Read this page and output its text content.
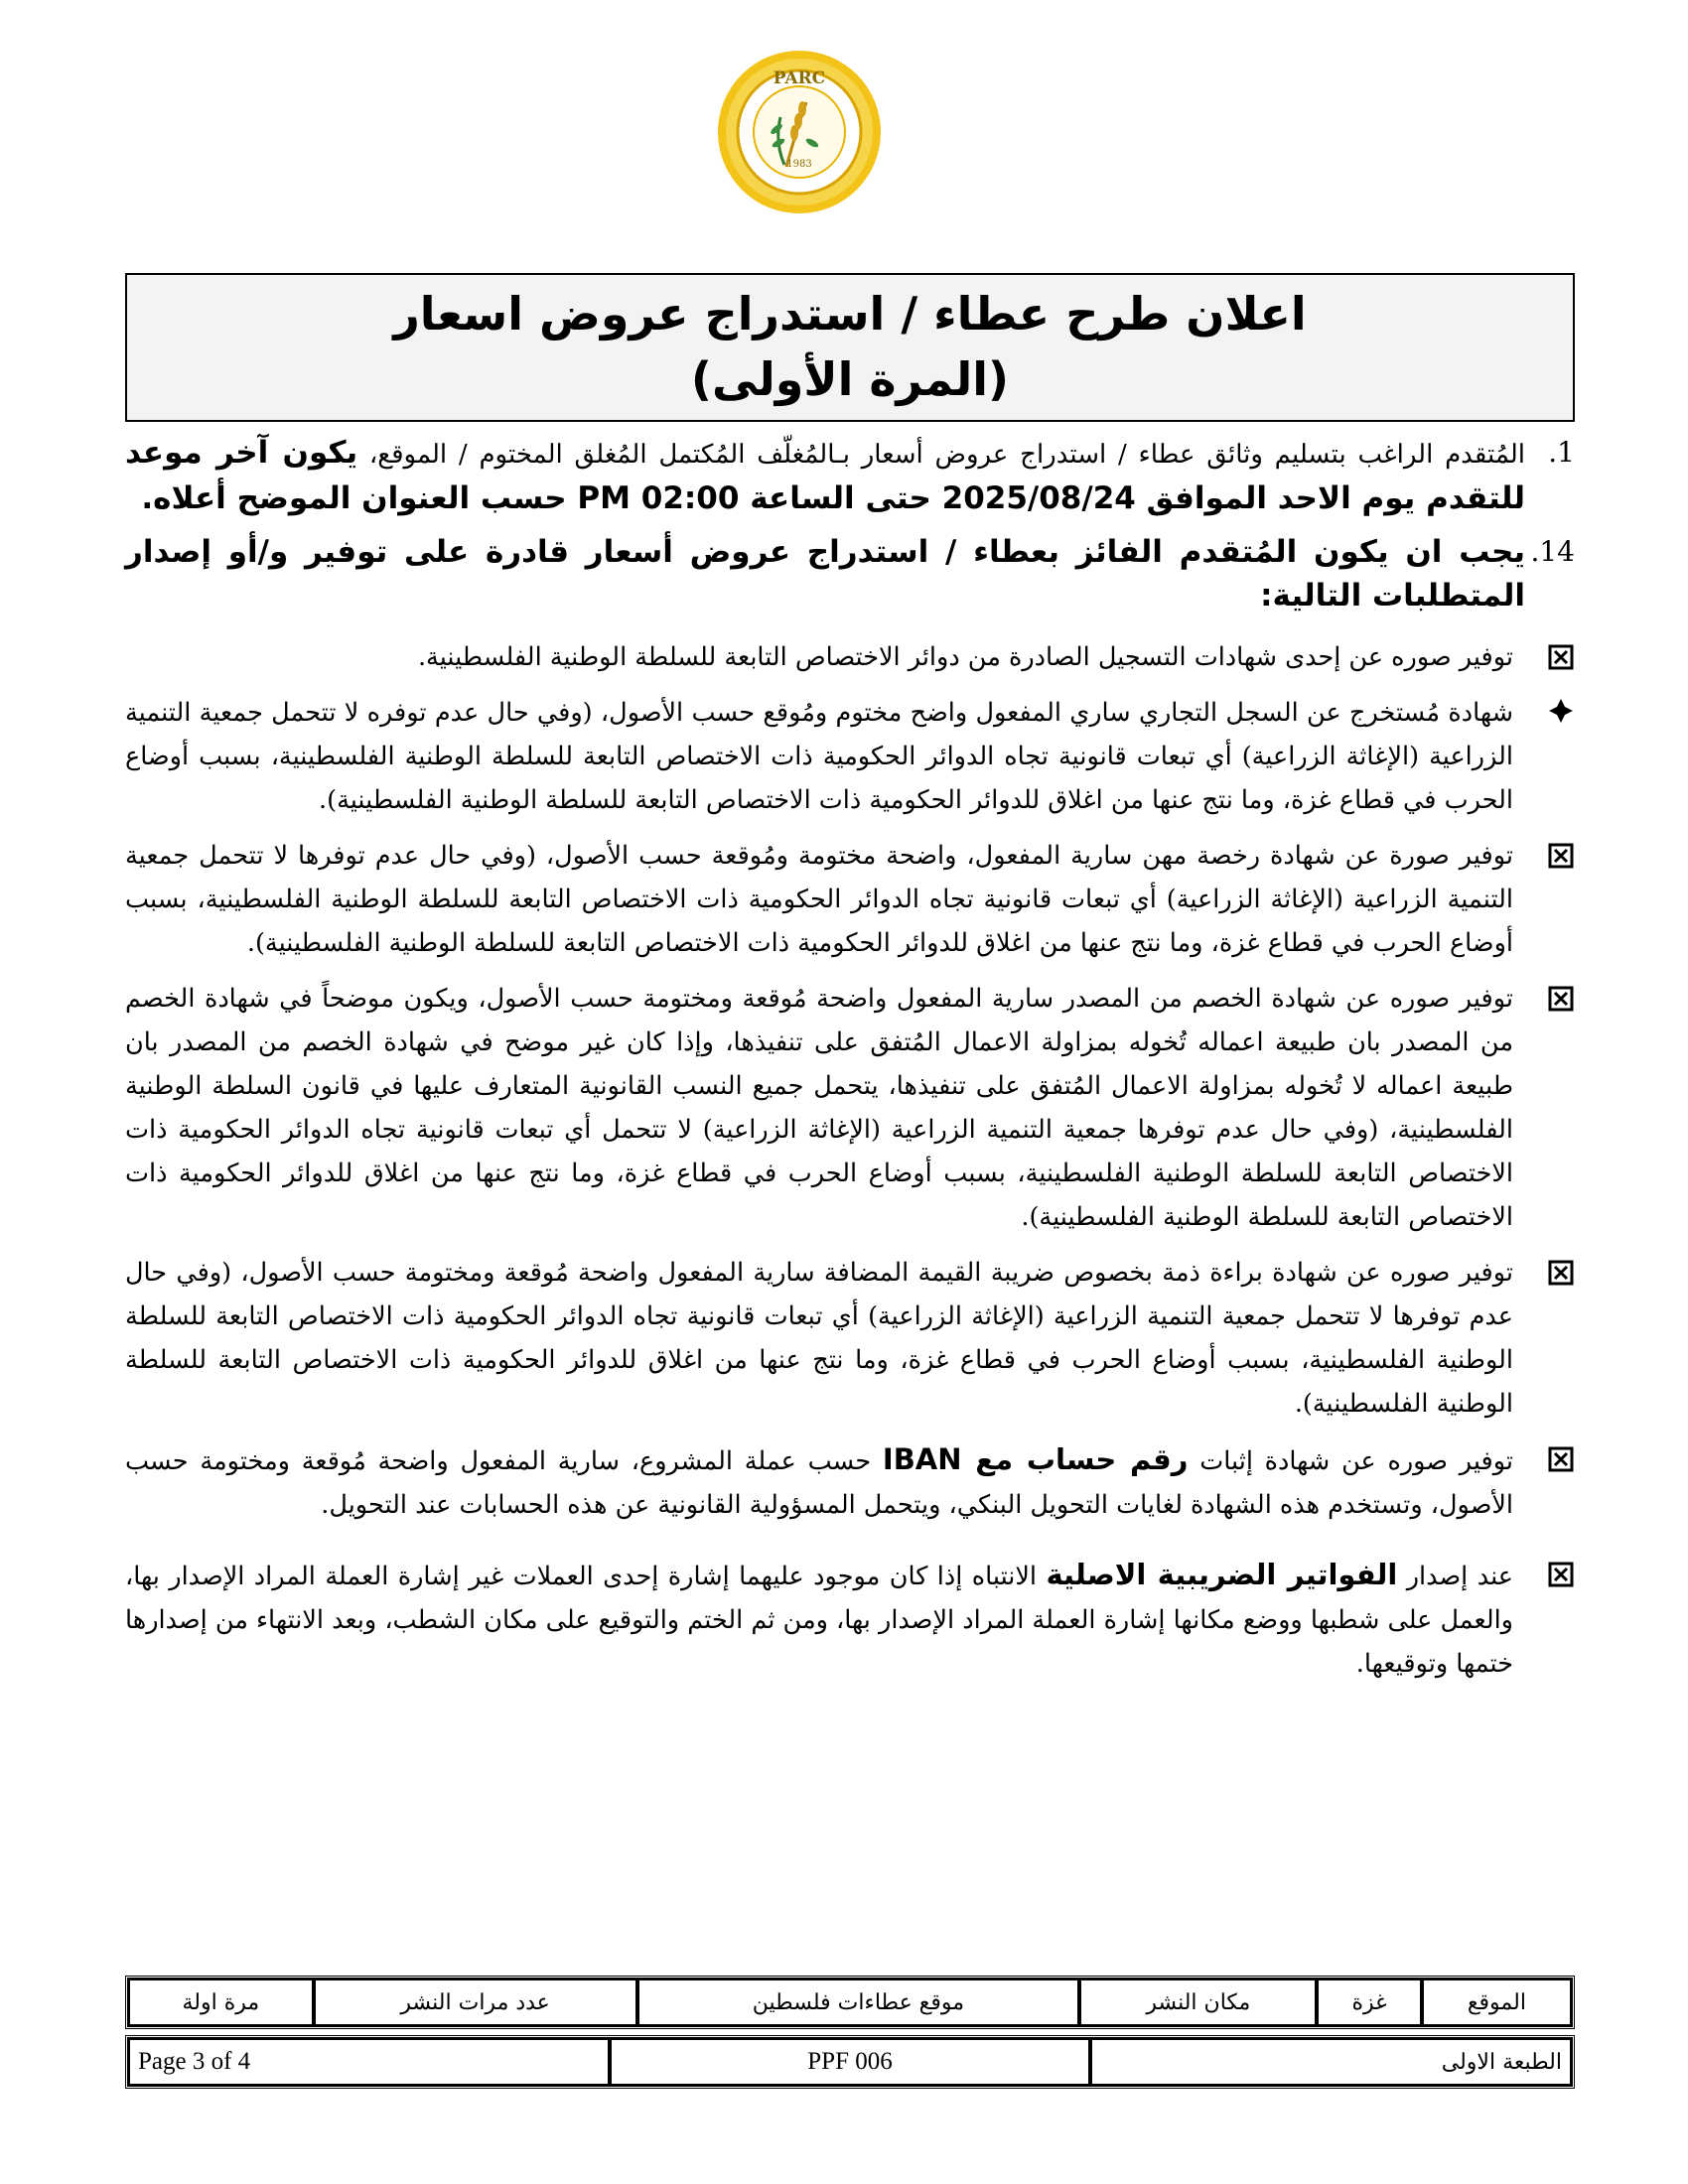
PARC
1983
اعلان طرح عطاء / استدراج عروض اسعار
(المرة الأولى)
1.
المُتقدم الراغب بتسليم وثائق عطاء / استدراج عروض أسعار بـالمُغلّف المُكتمل المُغلق المختوم / الموقع، يكون آخر موعد للتقدم يوم الاحد الموافق 2025/08/24 حتى الساعة 02:00 PM حسب العنوان الموضح أعلاه.
14.
يجب ان يكون المُتقدم الفائز بعطاء / استدراج عروض أسعار قادرة على توفير و/أو إصدار المتطلبات التالية:
توفير صوره عن إحدى شهادات التسجيل الصادرة من دوائر الاختصاص التابعة للسلطة الوطنية الفلسطينية.
شهادة مُستخرج عن السجل التجاري ساري المفعول واضح مختوم ومُوقع حسب الأصول، (وفي حال عدم توفره لا تتحمل جمعية التنمية الزراعية (الإغاثة الزراعية) أي تبعات قانونية تجاه الدوائر الحكومية ذات الاختصاص التابعة للسلطة الوطنية الفلسطينية، بسبب أوضاع الحرب في قطاع غزة، وما نتج عنها من اغلاق للدوائر الحكومية ذات الاختصاص التابعة للسلطة الوطنية الفلسطينية).
توفير صورة عن شهادة رخصة مهن سارية المفعول، واضحة مختومة ومُوقعة حسب الأصول، (وفي حال عدم توفرها لا تتحمل جمعية التنمية الزراعية (الإغاثة الزراعية) أي تبعات قانونية تجاه الدوائر الحكومية ذات الاختصاص التابعة للسلطة الوطنية الفلسطينية، بسبب أوضاع الحرب في قطاع غزة، وما نتج عنها من اغلاق للدوائر الحكومية ذات الاختصاص التابعة للسلطة الوطنية الفلسطينية).
توفير صوره عن شهادة الخصم من المصدر سارية المفعول واضحة مُوقعة ومختومة حسب الأصول، ويكون موضحاً في شهادة الخصم من المصدر بان طبيعة اعماله تُخوله بمزاولة الاعمال المُتفق على تنفيذها، وإذا كان غير موضح في شهادة الخصم من المصدر بان طبيعة اعماله لا تُخوله بمزاولة الاعمال المُتفق على تنفيذها، يتحمل جميع النسب القانونية المتعارف عليها في قانون السلطة الوطنية الفلسطينية، (وفي حال عدم توفرها جمعية التنمية الزراعية (الإغاثة الزراعية) لا تتحمل أي تبعات قانونية تجاه الدوائر الحكومية ذات الاختصاص التابعة للسلطة الوطنية الفلسطينية، بسبب أوضاع الحرب في قطاع غزة، وما نتج عنها من اغلاق للدوائر الحكومية ذات الاختصاص التابعة للسلطة الوطنية الفلسطينية).
توفير صوره عن شهادة براءة ذمة بخصوص ضريبة القيمة المضافة سارية المفعول واضحة مُوقعة ومختومة حسب الأصول، (وفي حال عدم توفرها لا تتحمل جمعية التنمية الزراعية (الإغاثة الزراعية) أي تبعات قانونية تجاه الدوائر الحكومية ذات الاختصاص التابعة للسلطة الوطنية الفلسطينية، بسبب أوضاع الحرب في قطاع غزة، وما نتج عنها من اغلاق للدوائر الحكومية ذات الاختصاص التابعة للسلطة الوطنية الفلسطينية).
توفير صوره عن شهادة إثبات رقم حساب مع IBAN حسب عملة المشروع، سارية المفعول واضحة مُوقعة ومختومة حسب الأصول، وتستخدم هذه الشهادة لغايات التحويل البنكي، ويتحمل المسؤولية القانونية عن هذه الحسابات عند التحويل.
عند إصدار الفواتير الضريبية الاصلية الانتباه إذا كان موجود عليهما إشارة إحدى العملات غير إشارة العملة المراد الإصدار بها، والعمل على شطبها ووضع مكانها إشارة العملة المراد الإصدار بها، ومن ثم الختم والتوقيع على مكان الشطب، وبعد الانتهاء من إصدارها ختمها وتوقيعها.
الموقع	غزة	مكان النشر	موقع عطاءات فلسطين	عدد مرات النشر	مرة اولة
الطبعة الاولى	PPF 006	Page 3 of 4
